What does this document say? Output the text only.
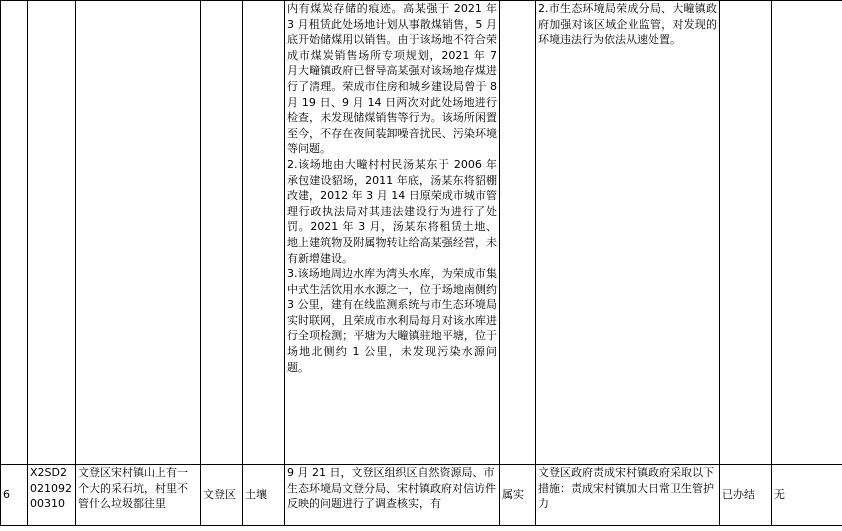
					内有煤炭存储的痕迹。高某强于 2021 年 3 月租赁此处场地计划从事散煤销售，5 月底开始储煤用以销售。由于该场地不符合荣成市煤炭销售场所专项规划，2021 年 7 月大疃镇政府已督导高某强对该场地存煤进行了清理。荣成市住房和城乡建设局曾于 8 月 19 日、9 月 14 日两次对此处场地进行检查，未发现储煤销售等行为。该场所闲置至今，不存在夜间装卸噪音扰民、污染环境等问题。

2.该场地由大疃村村民汤某东于 2006 年承包建设貂场，2011 年底，汤某东将貂棚改建，2012 年 3 月 14 日原荣成市城市管理行政执法局对其违法建设行为进行了处罚。2021 年 3 月，汤某东将租赁土地、地上建筑物及附属物转让给高某强经营，未有新增建设。

3.该场地周边水库为湾头水库，为荣成市集中式生活饮用水水源之一，位于场地南侧约 3 公里，建有在线监测系统与市生态环境局实时联网，且荣成市水利局每月对该水库进行全项检测；平塘为大疃镇驻地平塘，位于场地北侧约 1 公里，未发现污染水源问题。		2.市生态环境局荣成分局、大疃镇政府加强对该区域企业监管，对发现的环境违法行为依法从速处置。		

6	X2SD202109200310	文登区宋村镇山上有一个大的采石坑，村里不管什么垃圾都往里	文登区	土壤	9 月 21 日，文登区组织区自然资源局、市生态环境局文登分局、宋村镇政府对信访件反映的问题进行了调查核实，有	属实	文登区政府责成宋村镇政府采取以下措施：责成宋村镇加大日常卫生管护力	已办结	无
